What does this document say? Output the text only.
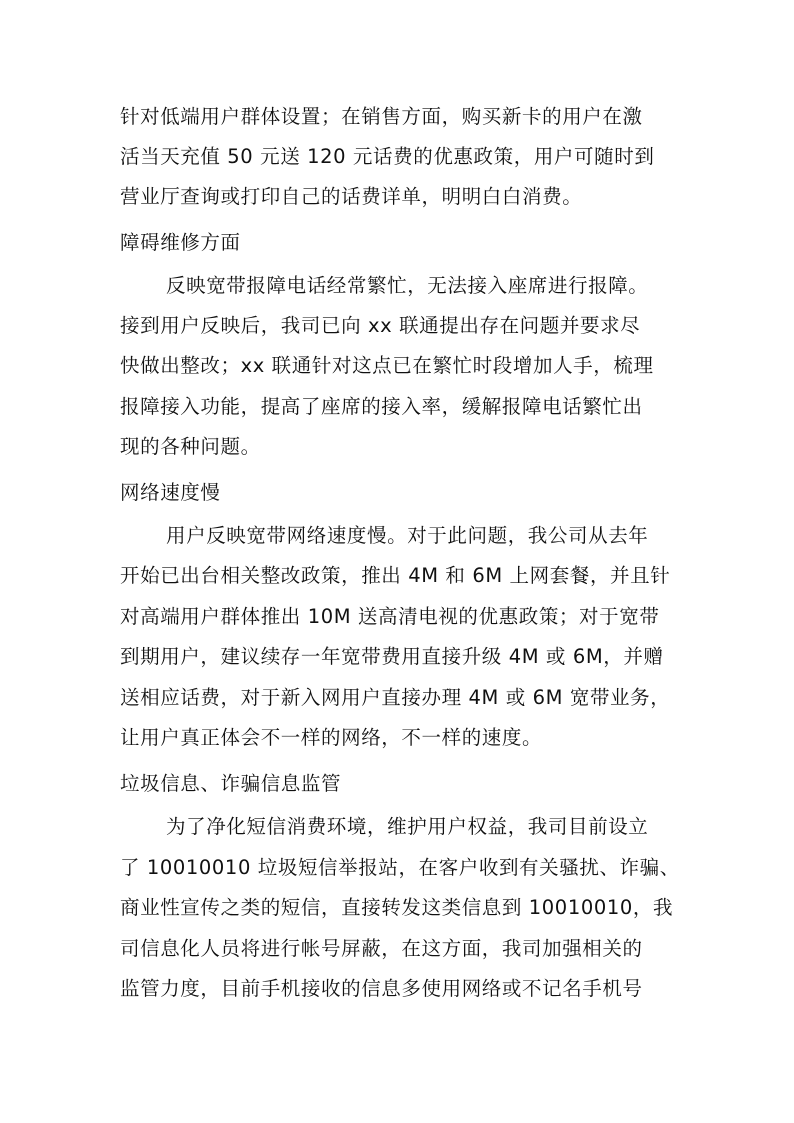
针对低端用户群体设置；在销售方面，购买新卡的用户在激
活当天充值 50 元送 120 元话费的优惠政策，用户可随时到
营业厅查询或打印自己的话费详单，明明白白消费。
障碍维修方面
反映宽带报障电话经常繁忙，无法接入座席进行报障。
接到用户反映后，我司已向 xx 联通提出存在问题并要求尽
快做出整改；xx 联通针对这点已在繁忙时段增加人手，梳理
报障接入功能，提高了座席的接入率，缓解报障电话繁忙出
现的各种问题。
网络速度慢
用户反映宽带网络速度慢。对于此问题，我公司从去年
开始已出台相关整改政策，推出 4M 和 6M 上网套餐，并且针
对高端用户群体推出 10M 送高清电视的优惠政策；对于宽带
到期用户，建议续存一年宽带费用直接升级 4M 或 6M，并赠
送相应话费，对于新入网用户直接办理 4M 或 6M 宽带业务，
让用户真正体会不一样的网络，不一样的速度。
垃圾信息、诈骗信息监管
为了净化短信消费环境，维护用户权益，我司目前设立
了 10010010 垃圾短信举报站，在客户收到有关骚扰、诈骗、
商业性宣传之类的短信，直接转发这类信息到 10010010，我
司信息化人员将进行帐号屏蔽，在这方面，我司加强相关的
监管力度，目前手机接收的信息多使用网络或不记名手机号
